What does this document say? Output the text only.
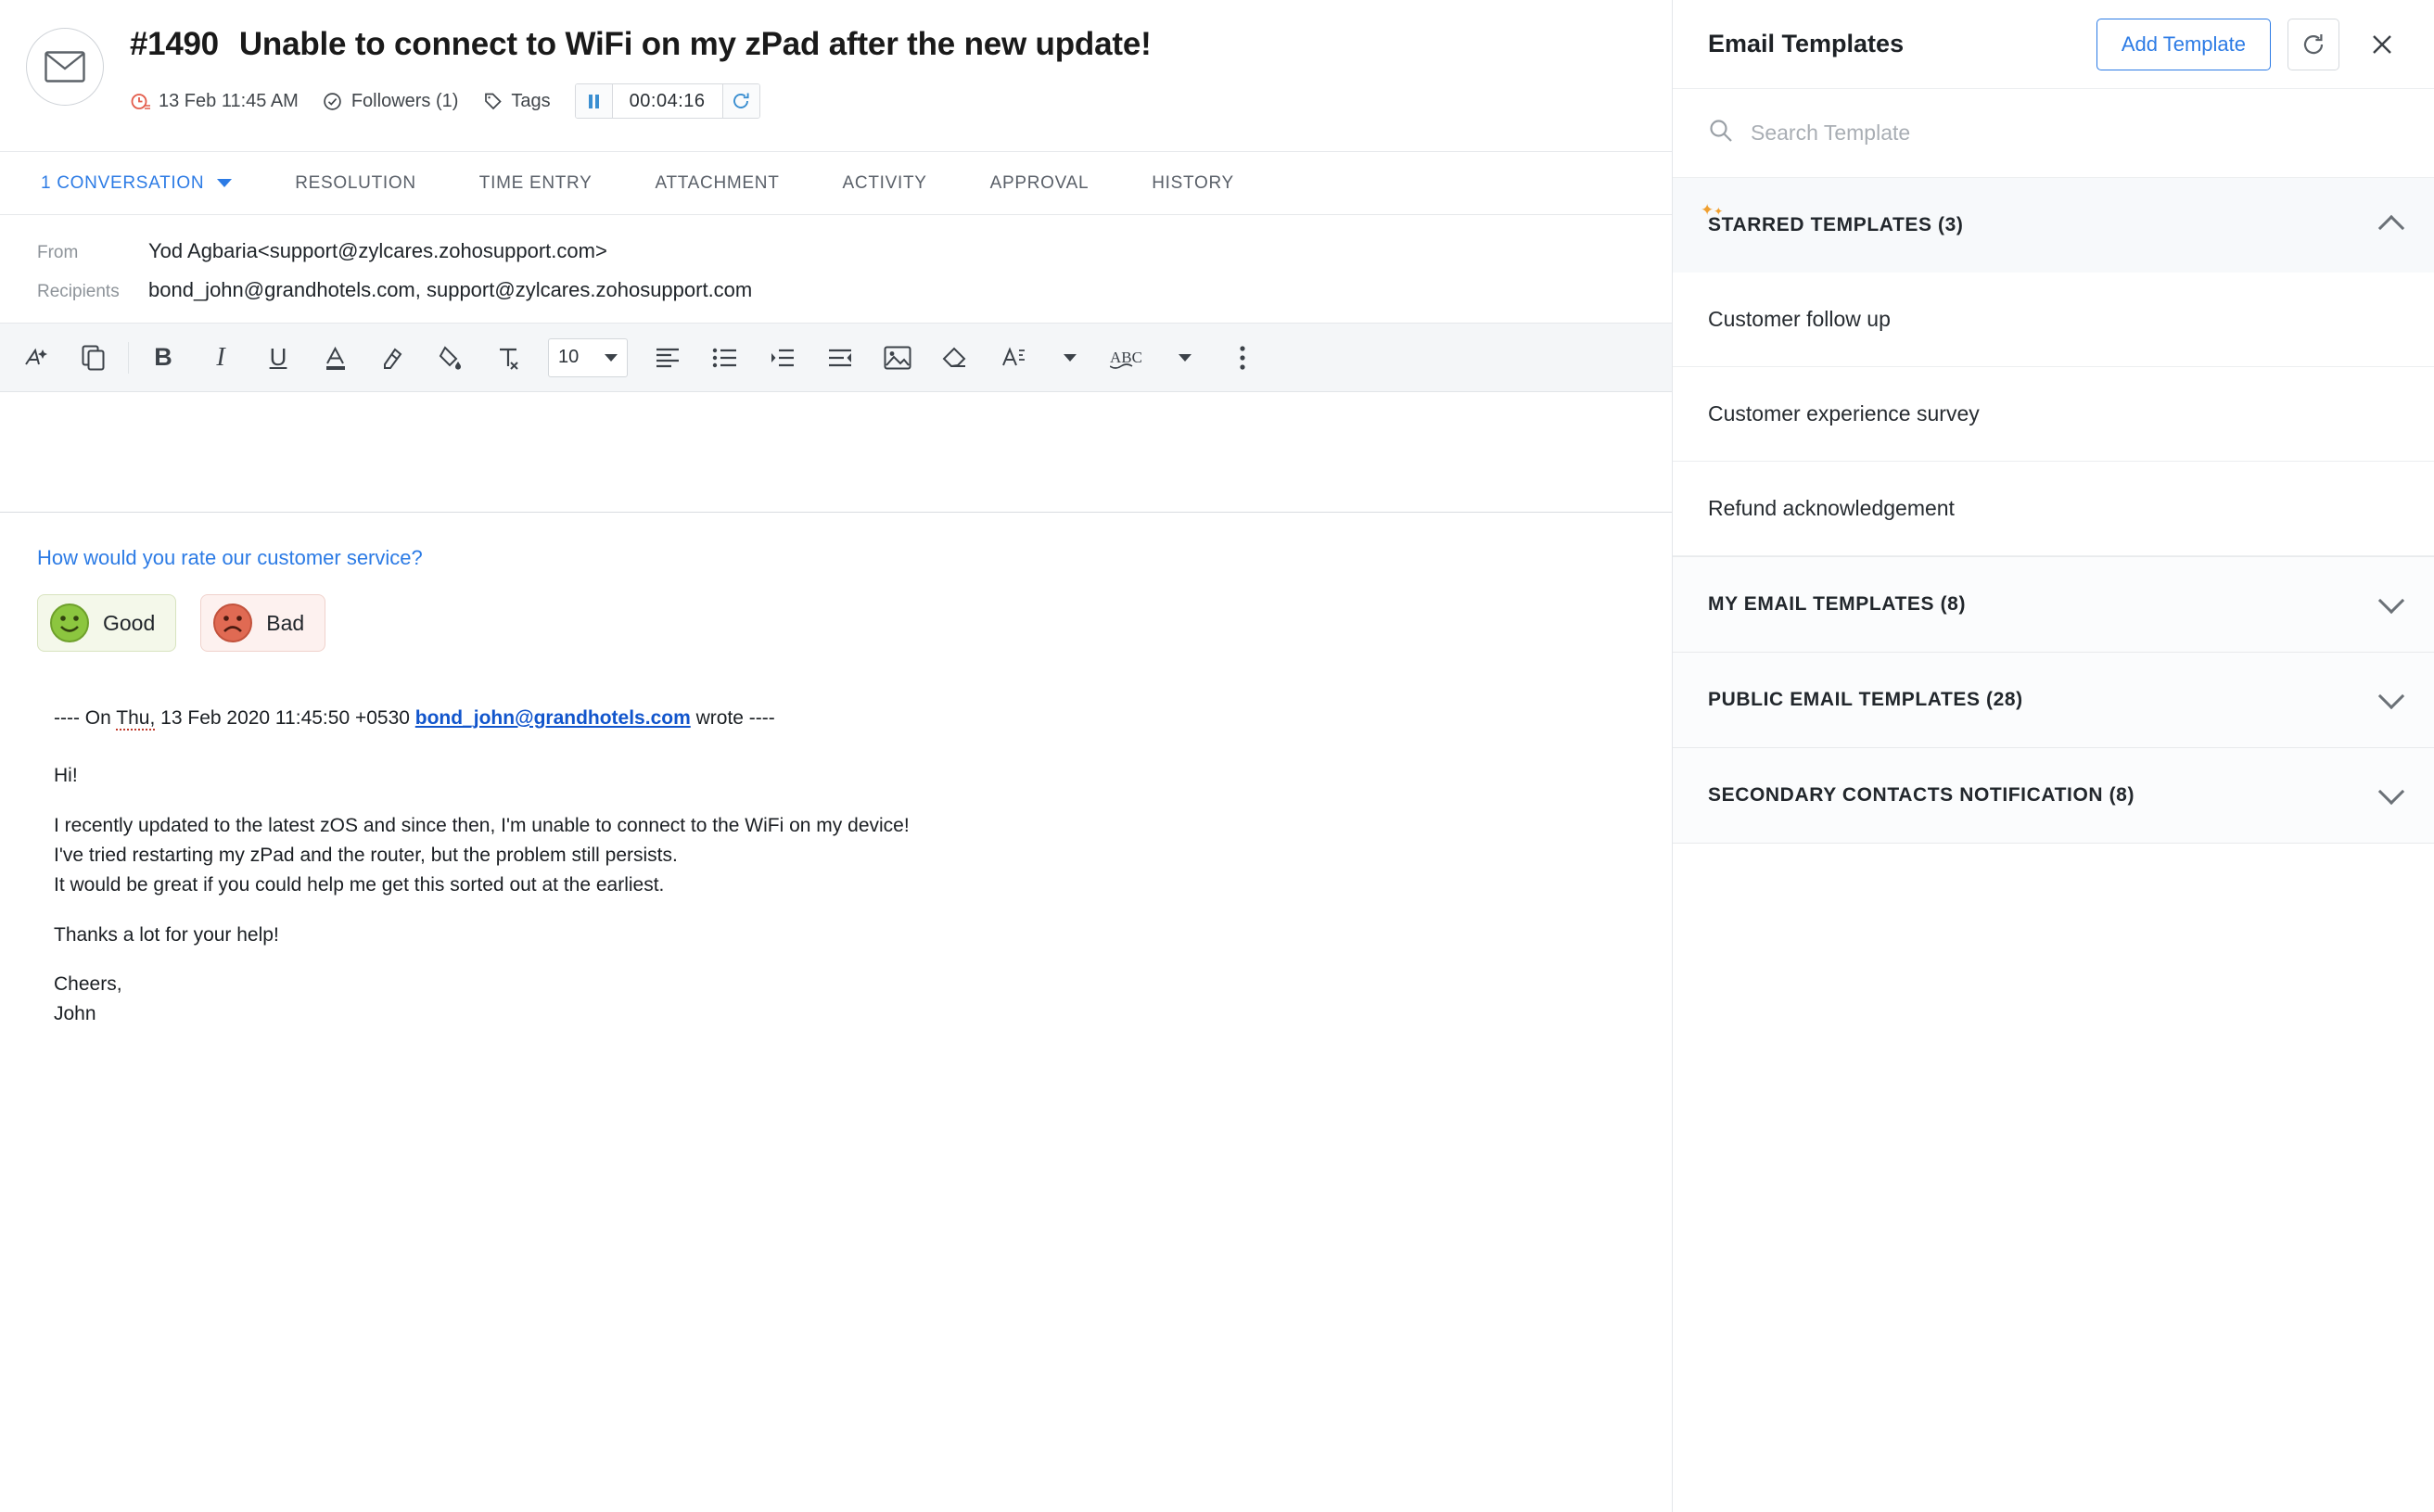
#1490 Unable to connect to WiFi on my zPad after the new update!
13 Feb 11:45 AM	Followers (1)	Tags	00:04:16
1 CONVERSATION	RESOLUTION	TIME ENTRY	ATTACHMENT	ACTIVITY	APPROVAL	HISTORY
From	Yod Agbaria<support@zylcares.zohosupport.com>
Recipients	bond_john@grandhotels.com, support@zylcares.zohosupport.com
B I U	10	ABC
How would you rate our customer service?
Good	Bad
---- On Thu, 13 Feb 2020 11:45:50 +0530 bond_john@grandhotels.com wrote ----

Hi!

I recently updated to the latest zOS and since then, I'm unable to connect to the WiFi on my device!

I've tried restarting my zPad and the router, but the problem still persists.

It would be great if you could help me get this sorted out at the earliest.

Thanks a lot for your help!

Cheers,

John

Email Templates	Add Template
Search Template
✦✦
STARRED TEMPLATES (3)
Customer follow up
Customer experience survey
Refund acknowledgement
MY EMAIL TEMPLATES (8)
PUBLIC EMAIL TEMPLATES (28)
SECONDARY CONTACTS NOTIFICATION (8)
